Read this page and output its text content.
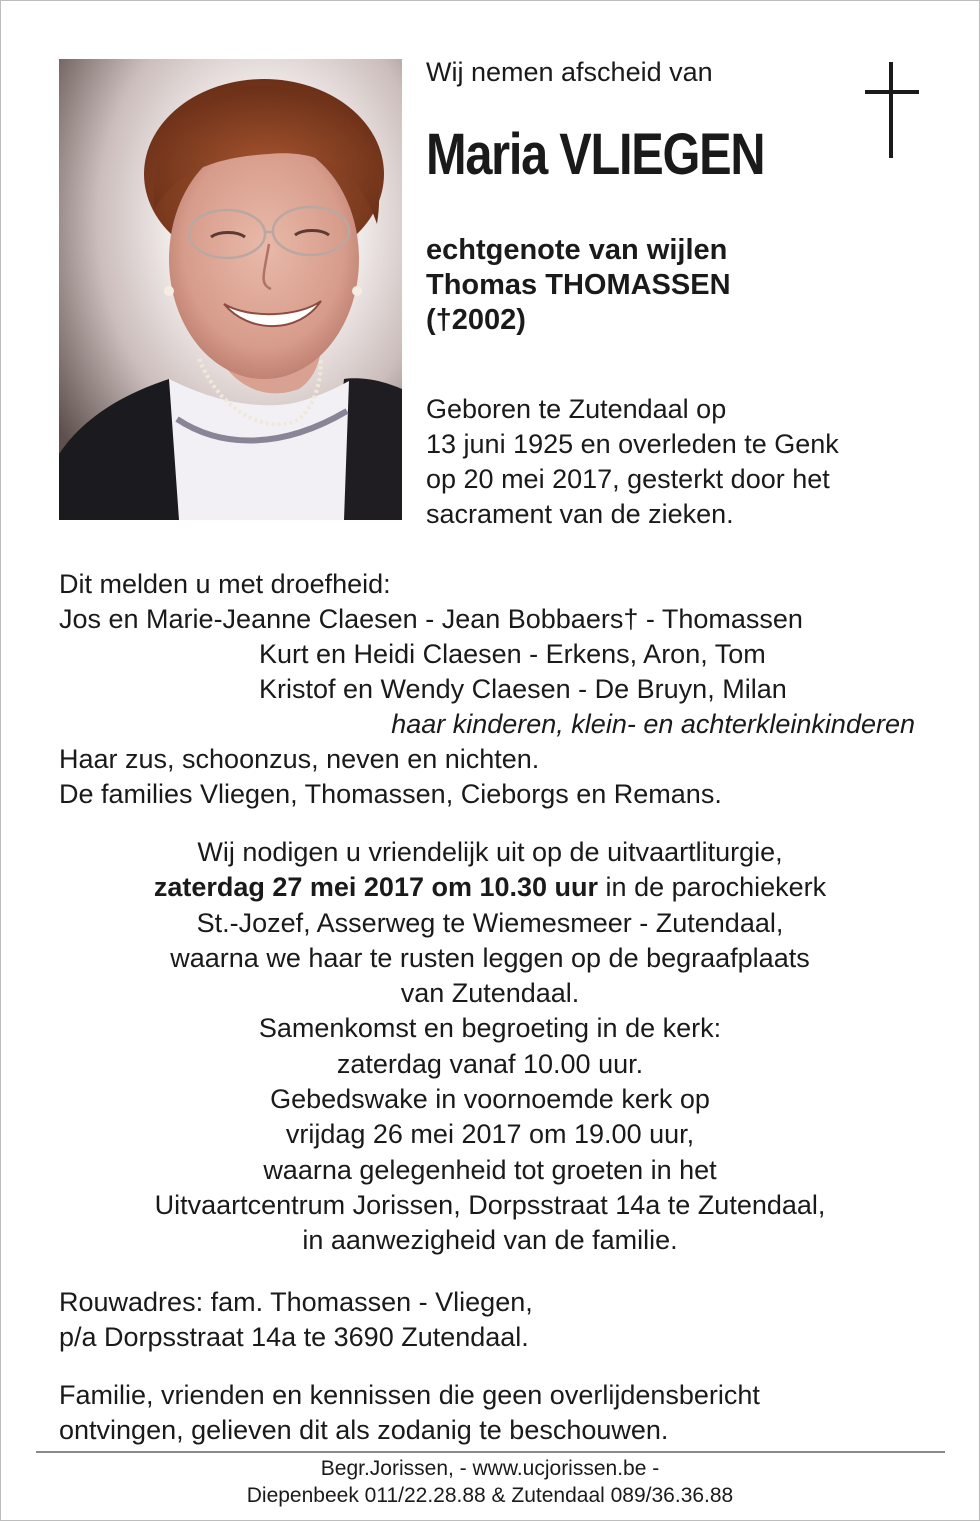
Wij nemen afscheid van
Maria VLIEGEN
echtgenote van wijlen
Thomas THOMASSEN
(†2002)
Geboren te Zutendaal op
13 juni 1925 en overleden te Genk
op 20 mei 2017, gesterkt door het
sacrament van de zieken.
Dit melden u met droefheid:
Jos en Marie-Jeanne Claesen - Jean Bobbaers† - Thomassen
Kurt en Heidi Claesen - Erkens, Aron, Tom
Kristof en Wendy Claesen - De Bruyn, Milan
haar kinderen, klein- en achterkleinkinderen
Haar zus, schoonzus, neven en nichten.
De families Vliegen, Thomassen, Cieborgs en Remans.
Wij nodigen u vriendelijk uit op de uitvaartliturgie,
zaterdag 27 mei 2017 om 10.30 uur in de parochiekerk
St.-Jozef, Asserweg te Wiemesmeer - Zutendaal,
waarna we haar te rusten leggen op de begraafplaats
van Zutendaal.
Samenkomst en begroeting in de kerk:
zaterdag vanaf 10.00 uur.
Gebedswake in voornoemde kerk op
vrijdag 26 mei 2017 om 19.00 uur,
waarna gelegenheid tot groeten in het
Uitvaartcentrum Jorissen, Dorpsstraat 14a te Zutendaal,
in aanwezigheid van de familie.
Rouwadres: fam. Thomassen - Vliegen,
p/a Dorpsstraat 14a te 3690 Zutendaal.
Familie, vrienden en kennissen die geen overlijdensbericht
ontvingen, gelieven dit als zodanig te beschouwen.
Begr.Jorissen, - www.ucjorissen.be -
Diepenbeek 011/22.28.88 & Zutendaal 089/36.36.88
